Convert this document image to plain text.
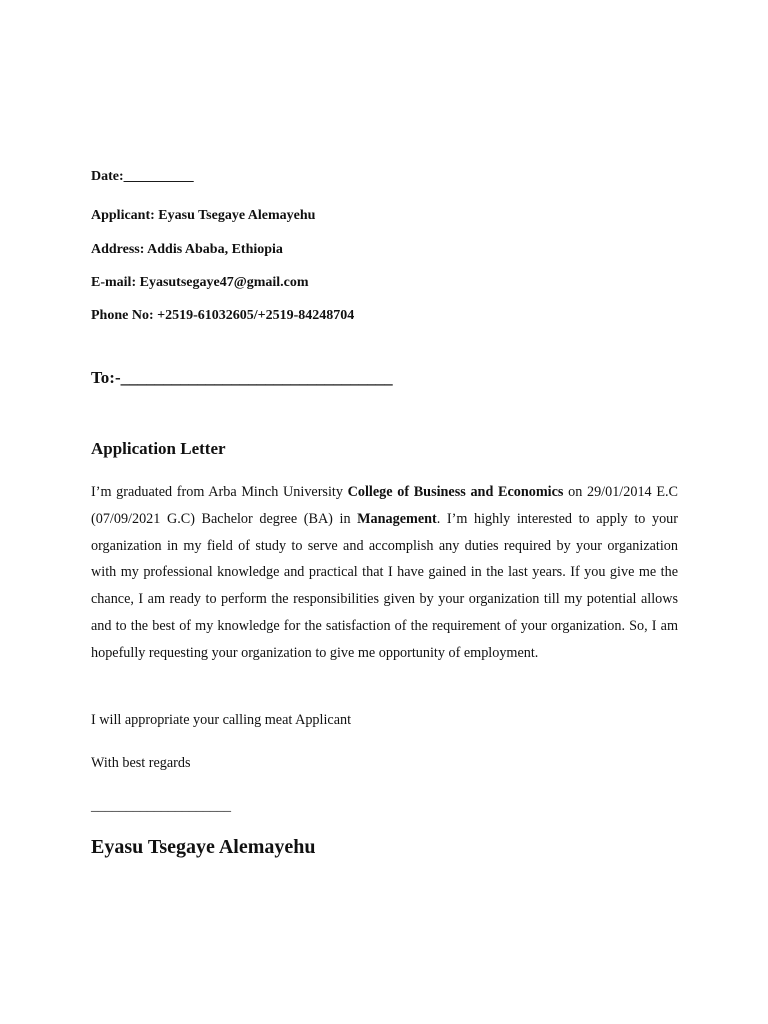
Date:__________
Applicant: Eyasu Tsegaye Alemayehu
Address: Addis Ababa, Ethiopia
E-mail: Eyasutsegaye47@gmail.com
Phone No: +2519-61032605/+2519-84248704
To:-________________________________
Application Letter
I’m graduated from Arba Minch University College of Business and Economics on 29/01/2014 E.C (07/09/2021 G.C) Bachelor degree (BA) in Management. I’m highly interested to apply to your organization in my field of study to serve and accomplish any duties required by your organization with my professional knowledge and practical that I have gained in the last years. If you give me the chance, I am ready to perform the responsibilities given by your organization till my potential allows and to the best of my knowledge for the satisfaction of the requirement of your organization. So, I am hopefully requesting your organization to give me opportunity of employment.
I will appropriate your calling meat Applicant
With best regards
____________________
Eyasu Tsegaye Alemayehu
